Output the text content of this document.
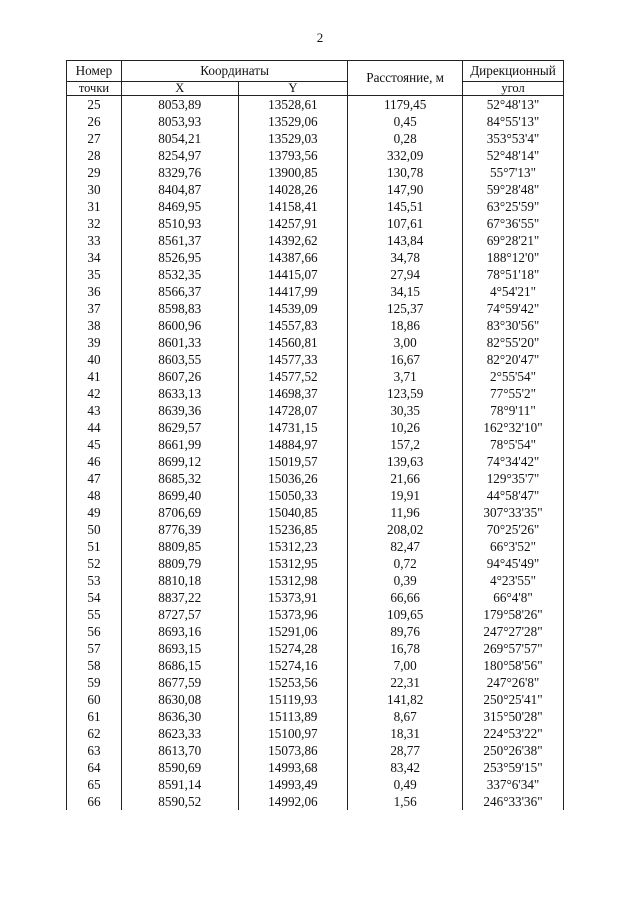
2
Номер	Координаты		Расстояние, м	Дирекционный
точки	X	Y		угол
25	8053,89	13528,61	1179,45	52°48'13"
26	8053,93	13529,06	0,45	84°55'13"
27	8054,21	13529,03	0,28	353°53'4"
28	8254,97	13793,56	332,09	52°48'14"
29	8329,76	13900,85	130,78	55°7'13"
30	8404,87	14028,26	147,90	59°28'48"
31	8469,95	14158,41	145,51	63°25'59"
32	8510,93	14257,91	107,61	67°36'55"
33	8561,37	14392,62	143,84	69°28'21"
34	8526,95	14387,66	34,78	188°12'0"
35	8532,35	14415,07	27,94	78°51'18"
36	8566,37	14417,99	34,15	4°54'21"
37	8598,83	14539,09	125,37	74°59'42"
38	8600,96	14557,83	18,86	83°30'56"
39	8601,33	14560,81	3,00	82°55'20"
40	8603,55	14577,33	16,67	82°20'47"
41	8607,26	14577,52	3,71	2°55'54"
42	8633,13	14698,37	123,59	77°55'2"
43	8639,36	14728,07	30,35	78°9'11"
44	8629,57	14731,15	10,26	162°32'10"
45	8661,99	14884,97	157,2	78°5'54"
46	8699,12	15019,57	139,63	74°34'42"
47	8685,32	15036,26	21,66	129°35'7"
48	8699,40	15050,33	19,91	44°58'47"
49	8706,69	15040,85	11,96	307°33'35"
50	8776,39	15236,85	208,02	70°25'26"
51	8809,85	15312,23	82,47	66°3'52"
52	8809,79	15312,95	0,72	94°45'49"
53	8810,18	15312,98	0,39	4°23'55"
54	8837,22	15373,91	66,66	66°4'8"
55	8727,57	15373,96	109,65	179°58'26"
56	8693,16	15291,06	89,76	247°27'28"
57	8693,15	15274,28	16,78	269°57'57"
58	8686,15	15274,16	7,00	180°58'56"
59	8677,59	15253,56	22,31	247°26'8"
60	8630,08	15119,93	141,82	250°25'41"
61	8636,30	15113,89	8,67	315°50'28"
62	8623,33	15100,97	18,31	224°53'22"
63	8613,70	15073,86	28,77	250°26'38"
64	8590,69	14993,68	83,42	253°59'15"
65	8591,14	14993,49	0,49	337°6'34"
66	8590,52	14992,06	1,56	246°33'36"
